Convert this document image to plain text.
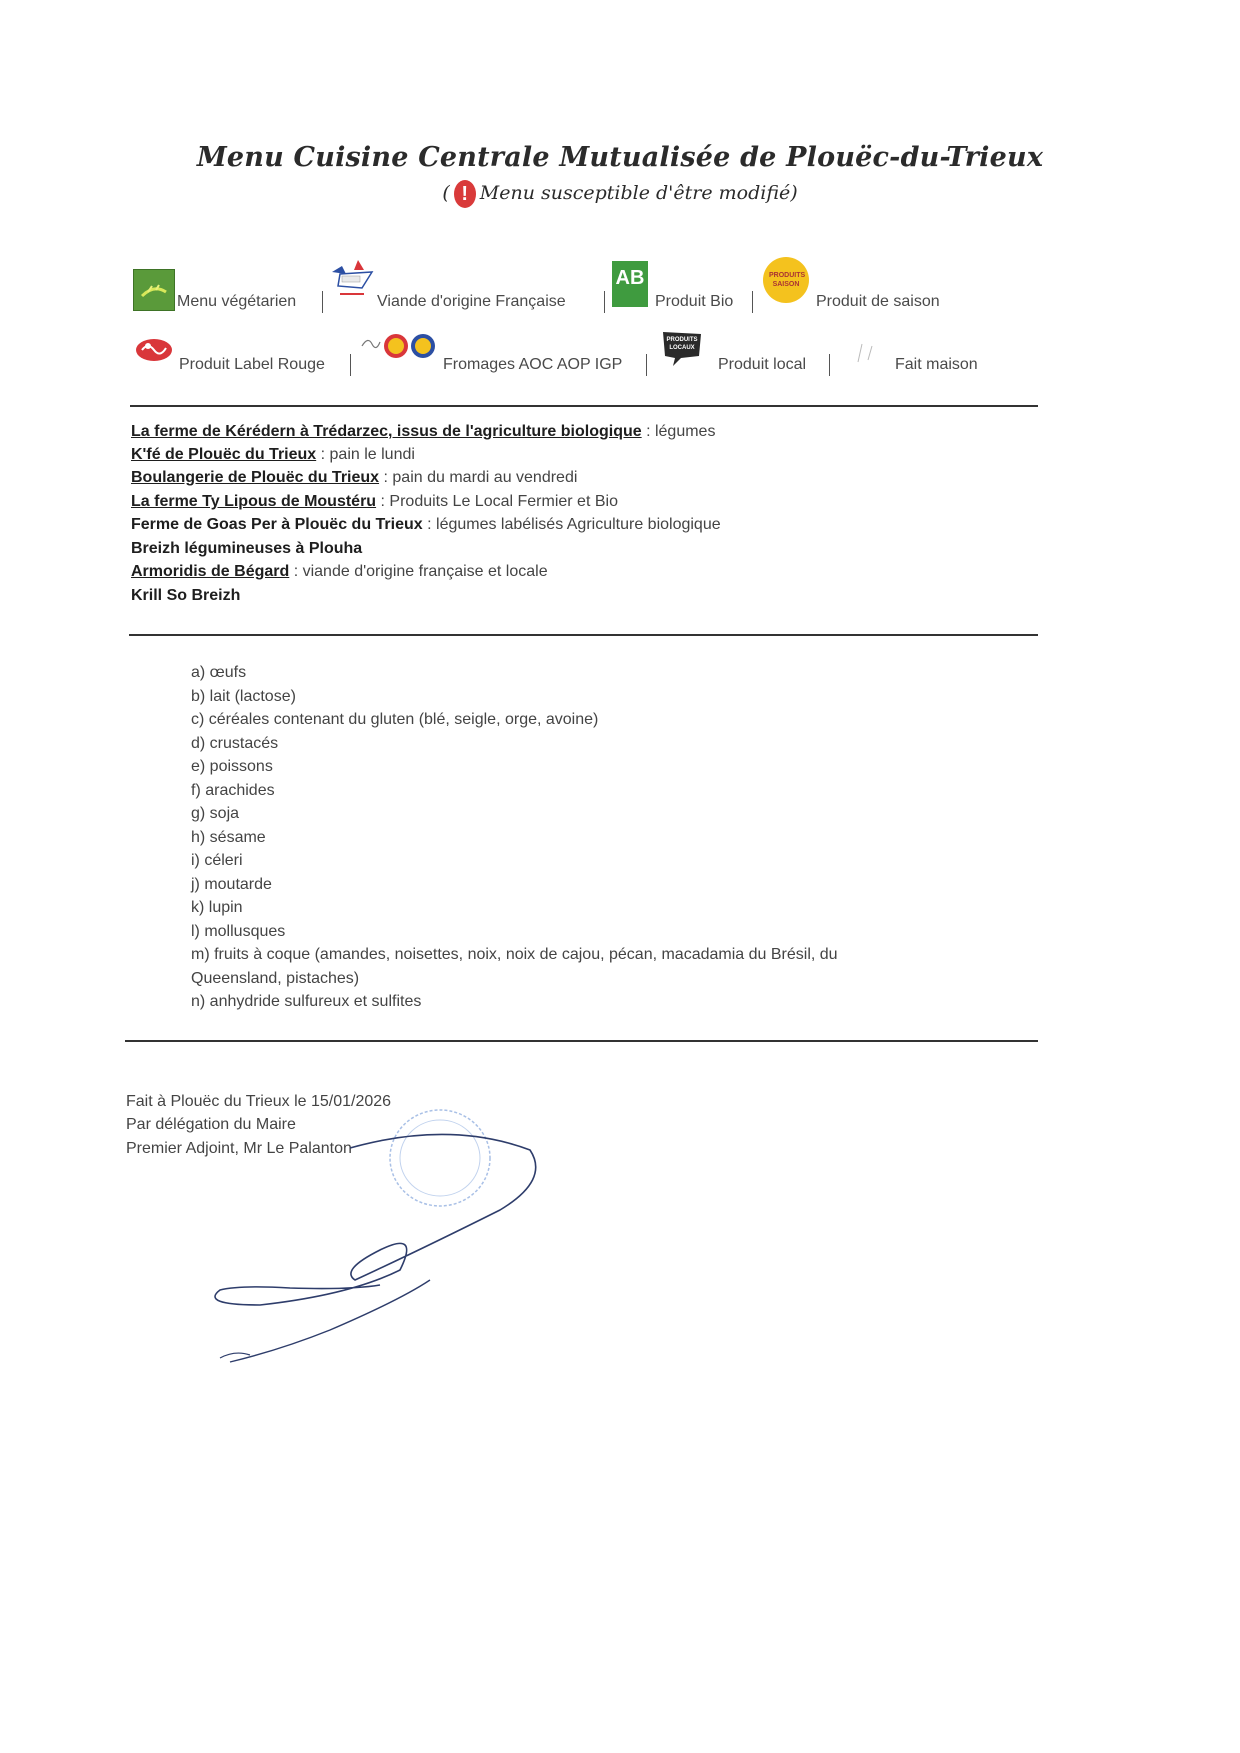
Menu Cuisine Centrale Mutualisée de Plouëc-du-Trieux
( ! Menu susceptible d'être modifié)
Menu végétarien	Viande d'origine Française
AB
Produit Bio
PRODUITS SAISON
Produit de saison
Produit Label Rouge	Fromages AOC AOP IGP
PRODUITS LOCAUX
Produit local	Fait maison
La ferme de Kérédern à Trédarzec, issus de l'agriculture biologique : légumes
K'fé de Plouëc du Trieux : pain le lundi
Boulangerie de Plouëc du Trieux : pain du mardi au vendredi
La ferme Ty Lipous de Moustéru : Produits Le Local Fermier et Bio
Ferme de Goas Per à Plouëc du Trieux : légumes labélisés Agriculture biologique
Breizh légumineuses à Plouha
Armoridis de Bégard : viande d'origine française et locale
Krill So Breizh
a) œufs
b) lait (lactose)
c) céréales contenant du gluten (blé, seigle, orge, avoine)
d) crustacés
e) poissons
f) arachides
g) soja
h) sésame
i) céleri
j) moutarde
k) lupin
l) mollusques
m) fruits à coque (amandes, noisettes, noix, noix de cajou, pécan, macadamia du Brésil, du
Queensland, pistaches)
n) anhydride sulfureux et sulfites
Fait à Plouëc du Trieux le 15/01/2026
Par délégation du Maire
Premier Adjoint, Mr Le Palanton
